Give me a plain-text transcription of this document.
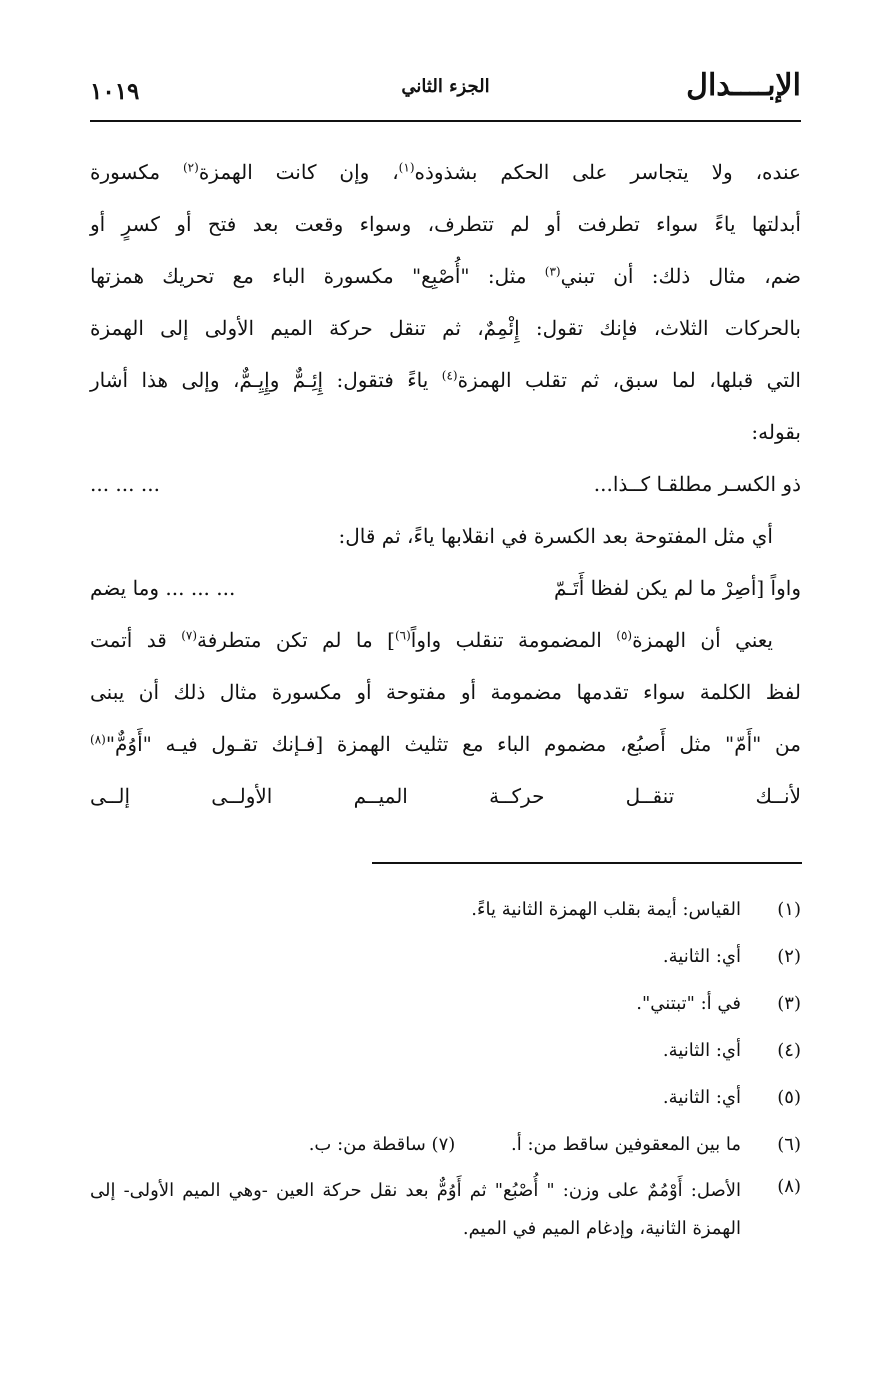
الإبــــدال
الجزء الثاني
١٠١٩
عنده، ولا يتجاسر على الحكم بشذوذه$^{(١)}$، وإن كانت الهمزة$^{(٢)}$ مكسورة
أبدلتها ياءً سواء تطرفت أو لم تتطرف، وسواء وقعت بعد فتح أو كسرٍ أو
ضم، مثال ذلك: أن تبني$^{(٣)}$ مثل: "أُصْبِع" مكسورة الباء مع تحريك همزتها
بالحركات الثلاث، فإنك تقول: إِئْمِمٌ، ثم تنقل حركة الميم الأولى إلى الهمزة
التي قبلها، لما سبق، ثم تقلب الهمزة$^{(٤)}$ ياءً فتقول: إِئِـمٌّ وإِيِـمٌّ، وإلى هذا أشار
بقوله:
ذو الكسـر مطلقـا كــذا...
... ... ...
أي مثل المفتوحة بعد الكسرة في انقلابها ياءً، ثم قال:
واواً [أصِرْ ما لم يكن لفظا أَتَـمّ
... ... ... وما يضم
يعني أن الهمزة$^{(٥)}$ المضمومة تنقلب واواً$^{(٦)}$] ما لم تكن متطرفة$^{(٧)}$ قد أتمت
لفظ الكلمة سواء تقدمها مضمومة أو مفتوحة أو مكسورة مثال ذلك أن يبنى
من "أَمّ" مثل أَصبُع، مضموم الباء مع تثليث الهمزة [فـإنك تقـول فيـه "أَوُمٌّ"$^{(٨)}$
لأنــك تنقــل حركــة الميــم الأولــى إلــى
(١)
القياس: أيمة بقلب الهمزة الثانية ياءً.
(٢)
أي: الثانية.
(٣)
في أ: "تبتني".
(٤)
أي: الثانية.
(٥)
أي: الثانية.
(٦)
ما بين المعقوفين ساقط من: أ. (٧) ساقطة من: ب.
(٨)
الأصل: أَوْمُمٌ على وزن: " أُصْبُع" ثم أَوُمٌّ بعد نقل حركة العين -وهي الميم الأولى- إلى الهمزة الثانية، وإدغام الميم في الميم.
